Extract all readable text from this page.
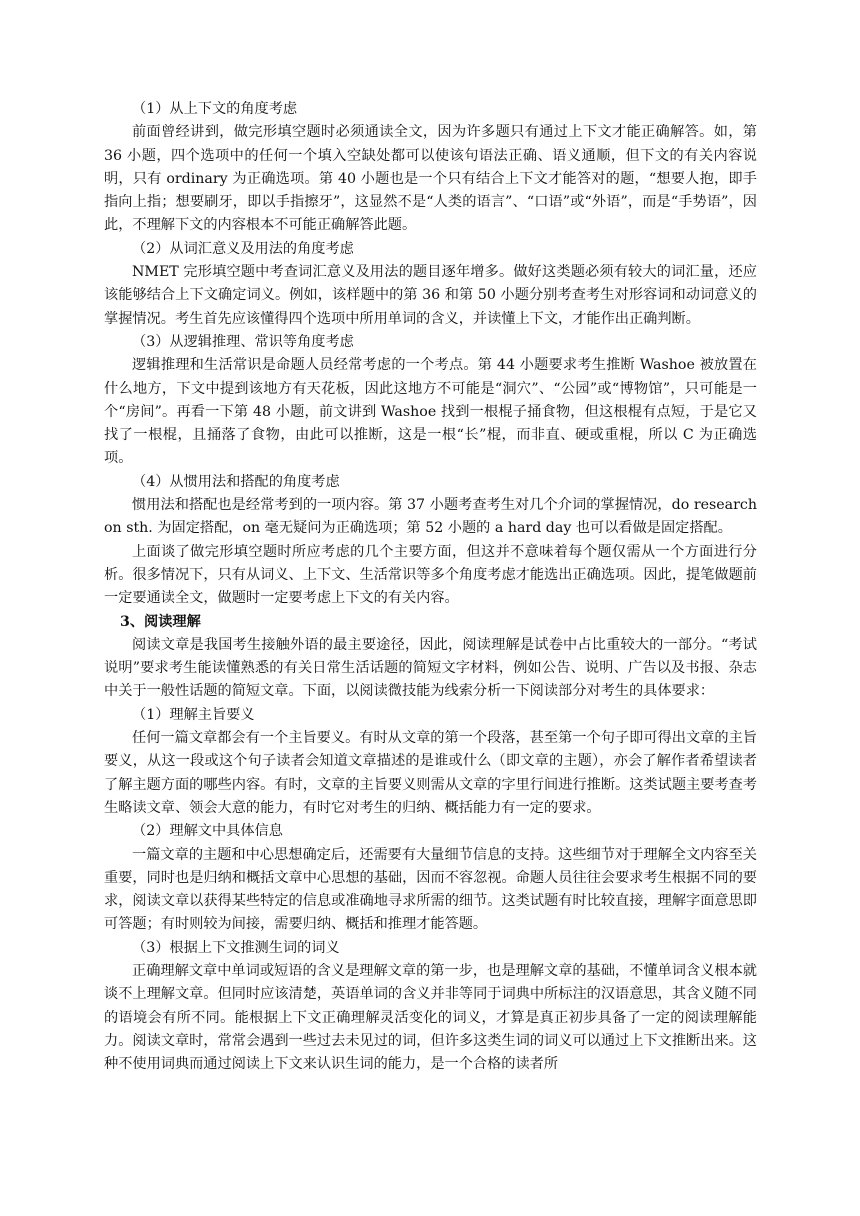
（1）从上下文的角度考虑

前面曾经讲到，做完形填空题时必须通读全文，因为许多题只有通过上下文才能正确解答。如，第 36 小题，四个选项中的任何一个填入空缺处都可以使该句语法正确、语义通顺，但下文的有关内容说明，只有 ordinary 为正确选项。第 40 小题也是一个只有结合上下文才能答对的题，“想要人抱，即手指向上指；想要刷牙，即以手指擦牙”，这显然不是“人类的语言”、“口语”或“外语”，而是“手势语”，因此，不理解下文的内容根本不可能正确解答此题。

（2）从词汇意义及用法的角度考虑

NMET 完形填空题中考查词汇意义及用法的题目逐年增多。做好这类题必须有较大的词汇量，还应该能够结合上下文确定词义。例如，该样题中的第 36 和第 50 小题分别考查考生对形容词和动词意义的掌握情况。考生首先应该懂得四个选项中所用单词的含义，并读懂上下文，才能作出正确判断。

（3）从逻辑推理、常识等角度考虑

逻辑推理和生活常识是命题人员经常考虑的一个考点。第 44 小题要求考生推断 Washoe 被放置在什么地方，下文中提到该地方有天花板，因此这地方不可能是“洞穴”、“公园”或“博物馆”，只可能是一个“房间”。再看一下第 48 小题，前文讲到 Washoe 找到一根棍子捅食物，但这根棍有点短，于是它又找了一根棍，且捅落了食物，由此可以推断，这是一根“长”棍，而非直、硬或重棍，所以 C 为正确选项。

（4）从惯用法和搭配的角度考虑

惯用法和搭配也是经常考到的一项内容。第 37 小题考查考生对几个介词的掌握情况，do research on sth. 为固定搭配，on 毫无疑问为正确选项；第 52 小题的 a hard day 也可以看做是固定搭配。

上面谈了做完形填空题时所应考虑的几个主要方面，但这并不意味着每个题仅需从一个方面进行分析。很多情况下，只有从词义、上下文、生活常识等多个角度考虑才能选出正确选项。因此，提笔做题前一定要通读全文，做题时一定要考虑上下文的有关内容。

3、阅读理解

阅读文章是我国考生接触外语的最主要途径，因此，阅读理解是试卷中占比重较大的一部分。“考试说明”要求考生能读懂熟悉的有关日常生活话题的简短文字材料，例如公告、说明、广告以及书报、杂志中关于一般性话题的简短文章。下面，以阅读微技能为线索分析一下阅读部分对考生的具体要求：

（1）理解主旨要义

任何一篇文章都会有一个主旨要义。有时从文章的第一个段落，甚至第一个句子即可得出文章的主旨要义，从这一段或这个句子读者会知道文章描述的是谁或什么（即文章的主题），亦会了解作者希望读者了解主题方面的哪些内容。有时，文章的主旨要义则需从文章的字里行间进行推断。这类试题主要考查考生略读文章、领会大意的能力，有时它对考生的归纳、概括能力有一定的要求。

（2）理解文中具体信息

一篇文章的主题和中心思想确定后，还需要有大量细节信息的支持。这些细节对于理解全文内容至关重要，同时也是归纳和概括文章中心思想的基础，因而不容忽视。命题人员往往会要求考生根据不同的要求，阅读文章以获得某些特定的信息或准确地寻求所需的细节。这类试题有时比较直接，理解字面意思即可答题；有时则较为间接，需要归纳、概括和推理才能答题。

（3）根据上下文推测生词的词义

正确理解文章中单词或短语的含义是理解文章的第一步，也是理解文章的基础，不懂单词含义根本就谈不上理解文章。但同时应该清楚，英语单词的含义并非等同于词典中所标注的汉语意思，其含义随不同的语境会有所不同。能根据上下文正确理解灵活变化的词义，才算是真正初步具备了一定的阅读理解能力。阅读文章时，常常会遇到一些过去未见过的词，但许多这类生词的词义可以通过上下文推断出来。这种不使用词典而通过阅读上下文来认识生词的能力，是一个合格的读者所
